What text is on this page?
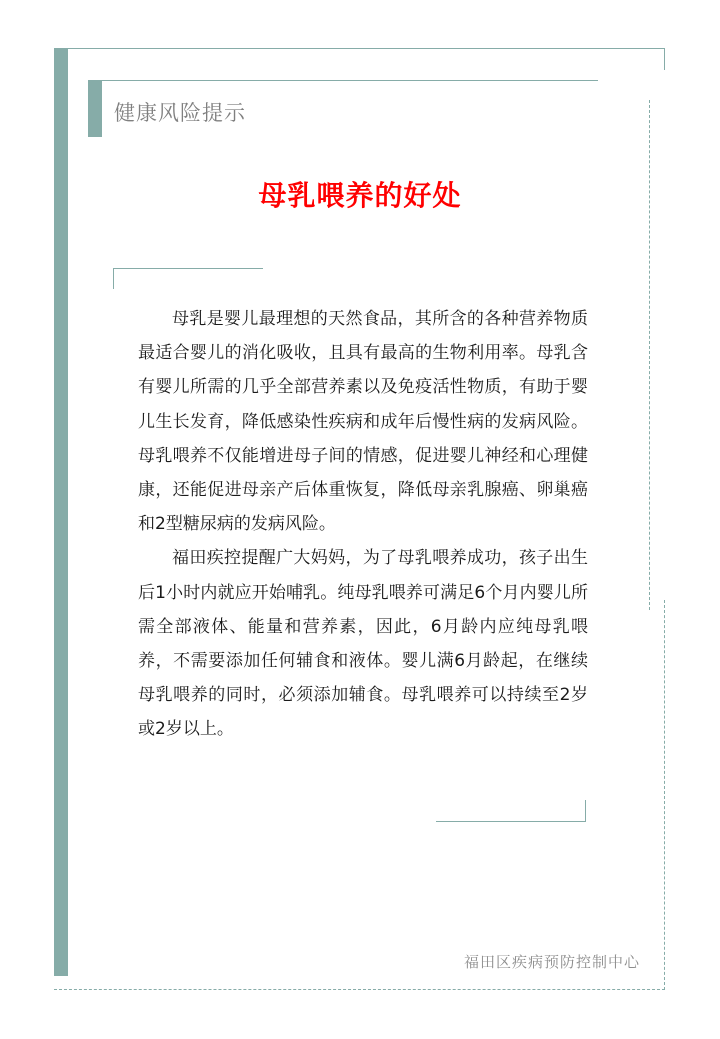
健康风险提示
母乳喂养的好处

母乳是婴儿最理想的天然食品，其所含的各种营养物质最适合婴儿的消化吸收，且具有最高的生物利用率。母乳含有婴儿所需的几乎全部营养素以及免疫活性物质，有助于婴儿生长发育，降低感染性疾病和成年后慢性病的发病风险。母乳喂养不仅能增进母子间的情感，促进婴儿神经和心理健康，还能促进母亲产后体重恢复，降低母亲乳腺癌、卵巢癌和2型糖尿病的发病风险。

福田疾控提醒广大妈妈，为了母乳喂养成功，孩子出生后1小时内就应开始哺乳。纯母乳喂养可满足6个月内婴儿所需全部液体、能量和营养素，因此，6月龄内应纯母乳喂养，不需要添加任何辅食和液体。婴儿满6月龄起，在继续母乳喂养的同时，必须添加辅食。母乳喂养可以持续至2岁或2岁以上。

福田区疾病预防控制中心
